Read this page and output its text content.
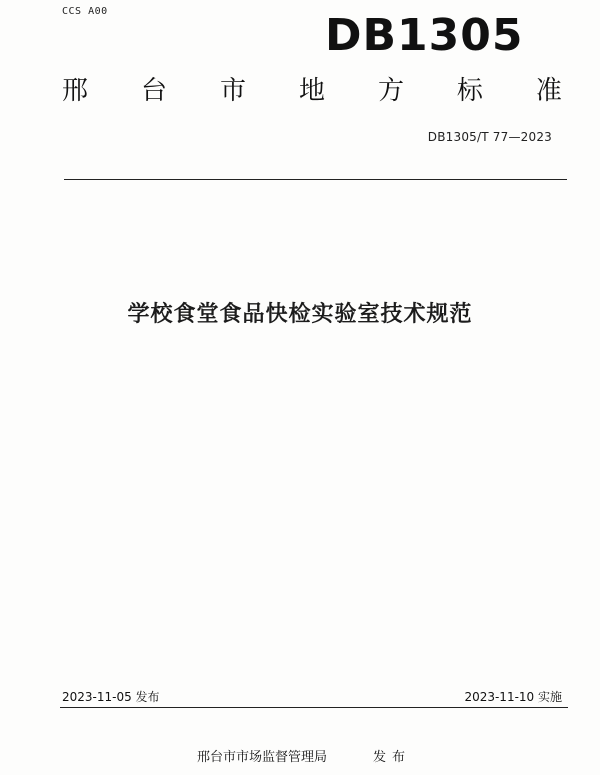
CCS A00	DB1305
邢 台 市 地 方 标 准
DB1305/T 77—2023
学校食堂食品快检实验室技术规范
2023-11-05 发布	2023-11-10 实施
邢台市市场监督管理局	发布
